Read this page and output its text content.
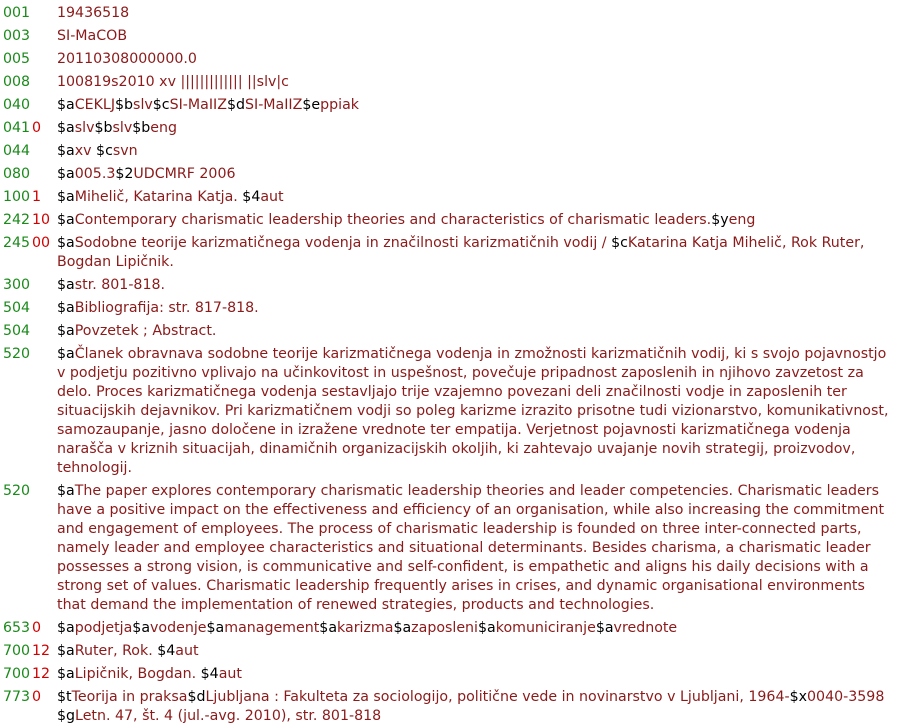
001 19436518
003 SI-MaCOB
005 20110308000000.0
008 100819s2010 xv ||||||||||||| ||slv|c
040 $aCEKLJ$bslv$cSI-MaIIZ$dSI-MaIIZ$eppiak
041 0	$aslv$bslv$beng
044 $axv $csvn
080 $a005.3$2UDCMRF 2006
100 1	$aMihelič, Katarina Katja. $4aut
242 10 $aContemporary charismatic leadership theories and characteristics of charismatic leaders.$yeng
245 00 $aSodobne teorije karizmatičnega vodenja in značilnosti karizmatičnih vodij / $cKatarina Katja Mihelič, Rok Ruter, Bogdan Lipičnik.
300 $astr. 801-818.
504 $aBibliografija: str. 817-818.
504 $aPovzetek ; Abstract.
520 $aČlanek obravnava sodobne teorije karizmatičnega vodenja in zmožnosti karizmatičnih vodij, ki s svojo pojavnostjo v podjetju pozitivno vplivajo na učinkovitost in uspešnost, povečuje pripadnost zaposlenih in njihovo zavzetost za delo. Proces karizmatičnega vodenja sestavljajo trije vzajemno povezani deli značilnosti vodje in zaposlenih ter situacijskih dejavnikov. Pri karizmatičnem vodji so poleg karizme izrazito prisotne tudi vizionarstvo, komunikativnost, samozaupanje, jasno določene in izražene vrednote ter empatija. Verjetnost pojavnosti karizmatičnega vodenja narašča v kriznih situacijah, dinamičnih organizacijskih okoljih, ki zahtevajo uvajanje novih strategij, proizvodov, tehnologij.
520 $aThe paper explores contemporary charismatic leadership theories and leader competencies. Charismatic leaders have a positive impact on the effectiveness and efficiency of an organisation, while also increasing the commitment and engagement of employees. The process of charismatic leadership is founded on three inter-connected parts, namely leader and employee characteristics and situational determinants. Besides charisma, a charismatic leader possesses a strong vision, is communicative and self-confident, is empathetic and aligns his daily decisions with a strong set of values. Charismatic leadership frequently arises in crises, and dynamic organisational environments that demand the implementation of renewed strategies, products and technologies.
653 0	$apodjetja$avodenje$amanagement$akarizma$azaposleni$akomuniciranje$avrednote
700 12 $aRuter, Rok. $4aut
700 12 $aLipičnik, Bogdan. $4aut
773 0	$tTeorija in praksa$dLjubljana : Fakulteta za sociologijo, politične vede in novinarstvo v Ljubljani, 1964-$x0040-3598 $gLetn. 47, št. 4 (jul.-avg. 2010), str. 801-818
